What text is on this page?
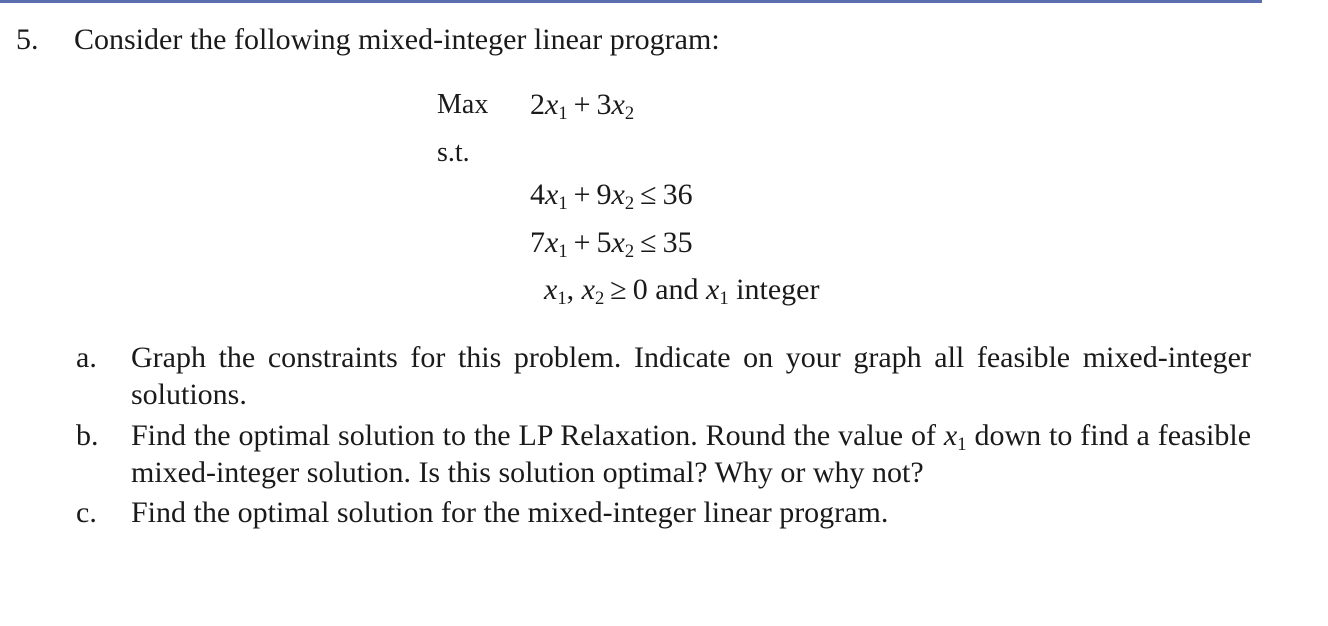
5. Consider the following mixed-integer linear program:
Max $2x_1 + 3x_2$
s.t.
$4x_1 + 9x_2 \le 36$
$7x_1 + 5x_2 \le 35$
$x_1$, $x_2 \ge 0$ and $x_1$ integer
a. Graph the constraints for this problem. Indicate on your graph all feasible mixed-integer solutions.
b. Find the optimal solution to the LP Relaxation. Round the value of $x_1$ down to find a feasible mixed-integer solution. Is this solution optimal? Why or why not?
c. Find the optimal solution for the mixed-integer linear program.
